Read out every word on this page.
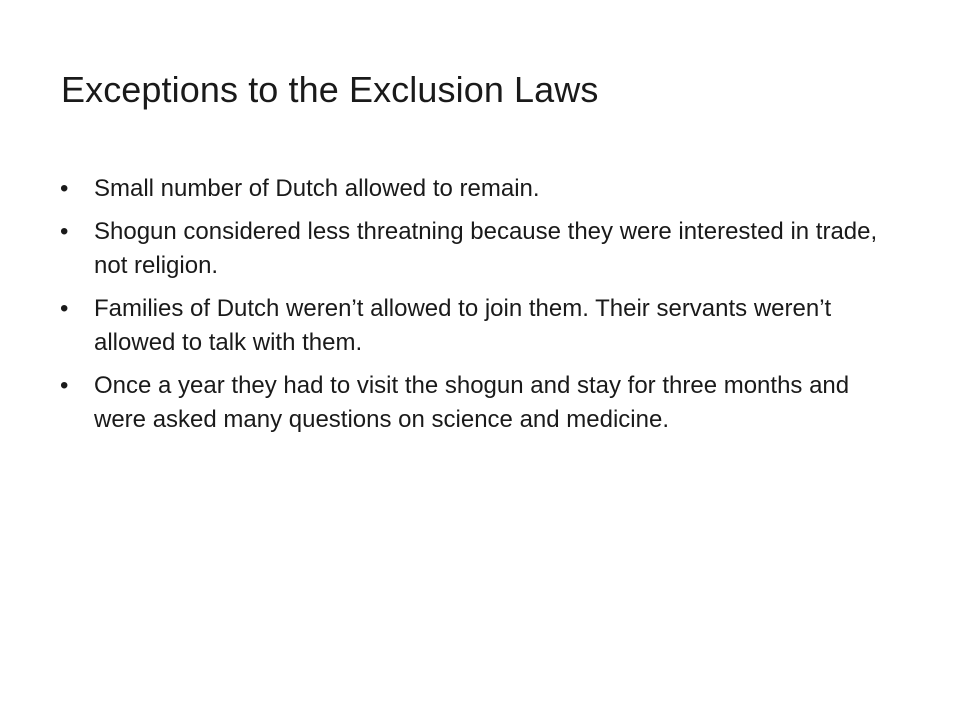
Exceptions to the Exclusion Laws
•	Small number of Dutch allowed to remain.
•	Shogun considered less threatning because they were interested in trade, not religion.
•	Families of Dutch weren’t allowed to join them. Their servants weren’t allowed to talk with them.
•	Once a year they had to visit the shogun and stay for three months and were asked many questions on science and medicine.
